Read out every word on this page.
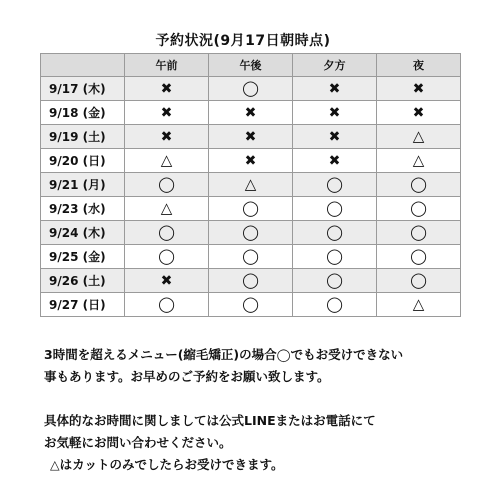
予約状況(9月17日朝時点)
	午前	午後	夕方	夜
9/17 (木)	✖	◯	✖	✖
9/18 (金)	✖	✖	✖	✖
9/19 (土)	✖	✖	✖	△
9/20 (日)	△	✖	✖	△
9/21 (月)	◯	△	◯	◯
9/23 (水)	△	◯	◯	◯
9/24 (木)	◯	◯	◯	◯
9/25 (金)	◯	◯	◯	◯
9/26 (土)	✖	◯	◯	◯
9/27 (日)	◯	◯	◯	△

3時間を超えるメニュー(縮毛矯正)の場合◯でもお受けできない

事もあります。お早めのご予約をお願い致します。

具体的なお時間に関しましては公式LINEまたはお電話にて

お気軽にお問い合わせください。

△はカットのみでしたらお受けできます。
